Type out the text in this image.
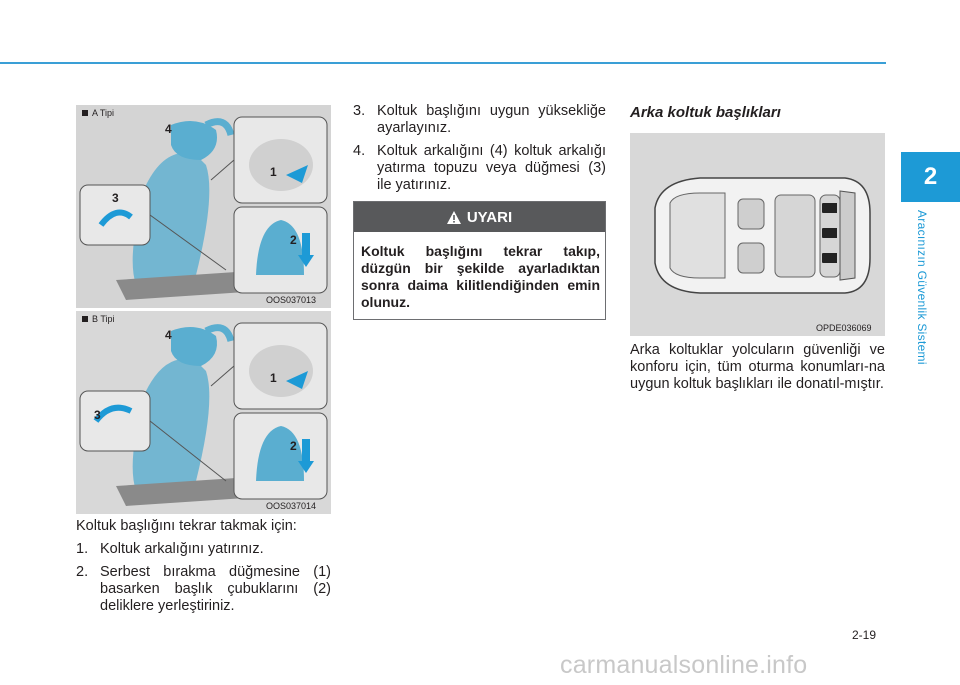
2
Aracınızın Güvenlik Sistemi
A Tipi
4
1
3
2
OOS037013
B Tipi
4
1
3
2
OOS037014
Koltuk başlığını tekrar takmak için:
1. Koltuk arkalığını yatırınız.
2. Serbest bırakma düğmesine (1) basarken başlık çubuklarını (2) deliklere yerleştiriniz.
3. Koltuk başlığını uygun yüksekliğe ayarlayınız.
4. Koltuk arkalığını (4) koltuk arkalığı yatırma topuzu veya düğmesi (3) ile yatırınız.
UYARI
Koltuk başlığını tekrar takıp, düzgün bir şekilde ayarladıktan sonra daima kilitlendiğinden emin olunuz.
Arka koltuk başlıkları
OPDE036069
Arka koltuklar yolcuların güvenliği ve konforu için, tüm oturma konumları-na uygun koltuk başlıkları ile donatıl-mıştır.
2-19
carmanualsonline.info
